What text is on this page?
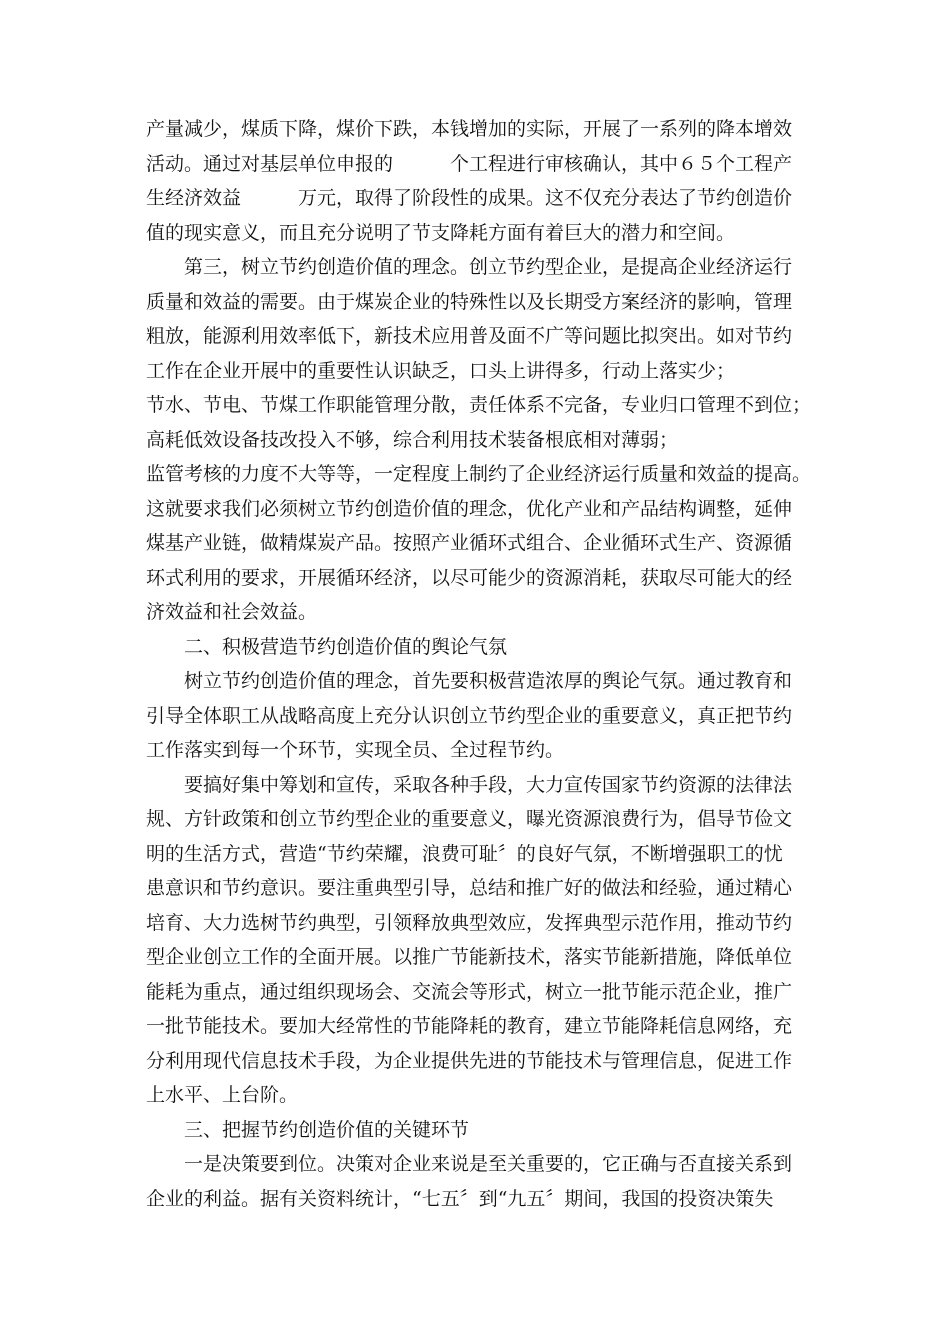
产量减少，煤质下降，煤价下跌，本钱增加的实际，开展了一系列的降本增效
活动。通过对基层单位申报的　　　个工程进行审核确认，其中６５个工程产
生经济效益　　　万元，取得了阶段性的成果。这不仅充分表达了节约创造价
值的现实意义，而且充分说明了节支降耗方面有着巨大的潜力和空间。
第三，树立节约创造价值的理念。创立节约型企业，是提高企业经济运行
质量和效益的需要。由于煤炭企业的特殊性以及长期受方案经济的影响，管理
粗放，能源利用效率低下，新技术应用普及面不广等问题比拟突出。如对节约
工作在企业开展中的重要性认识缺乏，口头上讲得多，行动上落实少；
节水、节电、节煤工作职能管理分散，责任体系不完备，专业归口管理不到位；
高耗低效设备技改投入不够，综合利用技术装备根底相对薄弱；
监管考核的力度不大等等，一定程度上制约了企业经济运行质量和效益的提高。
这就要求我们必须树立节约创造价值的理念，优化产业和产品结构调整，延伸
煤基产业链，做精煤炭产品。按照产业循环式组合、企业循环式生产、资源循
环式利用的要求，开展循环经济，以尽可能少的资源消耗，获取尽可能大的经
济效益和社会效益。
二、积极营造节约创造价值的舆论气氛
树立节约创造价值的理念，首先要积极营造浓厚的舆论气氛。通过教育和
引导全体职工从战略高度上充分认识创立节约型企业的重要意义，真正把节约
工作落实到每一个环节，实现全员、全过程节约。
要搞好集中筹划和宣传，采取各种手段，大力宣传国家节约资源的法律法
规、方针政策和创立节约型企业的重要意义，曝光资源浪费行为，倡导节俭文
明的生活方式，营造“节约荣耀，浪费可耻〞的良好气氛，不断增强职工的忧
患意识和节约意识。要注重典型引导，总结和推广好的做法和经验，通过精心
培育、大力选树节约典型，引领释放典型效应，发挥典型示范作用，推动节约
型企业创立工作的全面开展。以推广节能新技术，落实节能新措施，降低单位
能耗为重点，通过组织现场会、交流会等形式，树立一批节能示范企业，推广
一批节能技术。要加大经常性的节能降耗的教育，建立节能降耗信息网络，充
分利用现代信息技术手段，为企业提供先进的节能技术与管理信息，促进工作
上水平、上台阶。
三、把握节约创造价值的关键环节
一是决策要到位。决策对企业来说是至关重要的，它正确与否直接关系到
企业的利益。据有关资料统计，“七五〞到“九五〞期间，我国的投资决策失
